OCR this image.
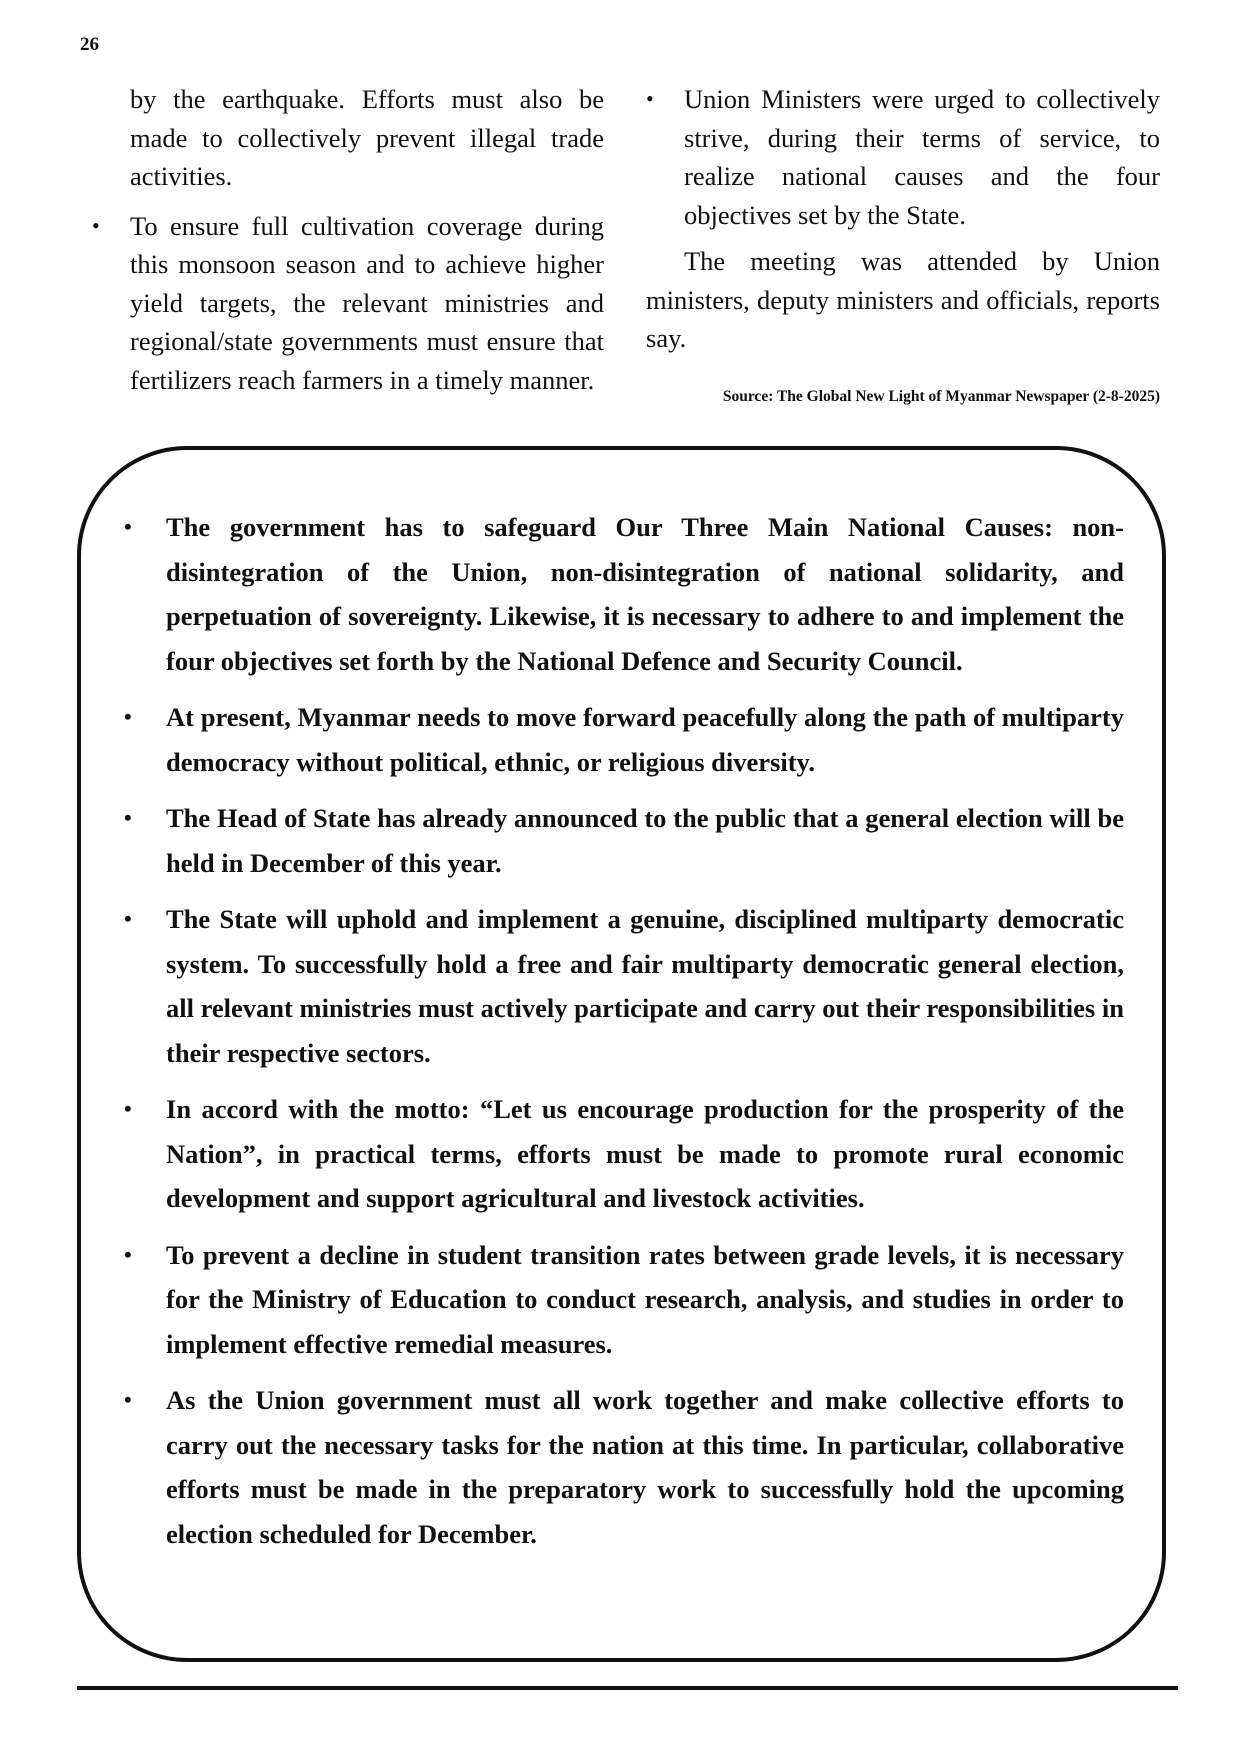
26

by the earthquake. Efforts must also be made to collectively prevent illegal trade activities.

• To ensure full cultivation coverage during this monsoon season and to achieve higher yield targets, the relevant ministries and regional/state governments must ensure that fertilizers reach farmers in a timely manner.
• Union Ministers were urged to collectively strive, during their terms of service, to realize national causes and the four objectives set by the State.

The meeting was attended by Union ministers, deputy ministers and officials, reports say.

Source: The Global New Light of Myanmar Newspaper (2-8-2025)
• The government has to safeguard Our Three Main National Causes: non-disintegration of the Union, non-disintegration of national solidarity, and perpetuation of sovereignty. Likewise, it is necessary to adhere to and implement the four objectives set forth by the National Defence and Security Council.
• At present, Myanmar needs to move forward peacefully along the path of multiparty democracy without political, ethnic, or religious diversity.
• The Head of State has already announced to the public that a general election will be held in December of this year.
• The State will uphold and implement a genuine, disciplined multiparty democratic system. To successfully hold a free and fair multiparty democratic general election, all relevant ministries must actively participate and carry out their responsibilities in their respective sectors.
• In accord with the motto: “Let us encourage production for the prosperity of the Nation”, in practical terms, efforts must be made to promote rural economic development and support agricultural and livestock activities.
• To prevent a decline in student transition rates between grade levels, it is necessary for the Ministry of Education to conduct research, analysis, and studies in order to implement effective remedial measures.
• As the Union government must all work together and make collective efforts to carry out the necessary tasks for the nation at this time. In particular, collaborative efforts must be made in the preparatory work to successfully hold the upcoming election scheduled for December.
